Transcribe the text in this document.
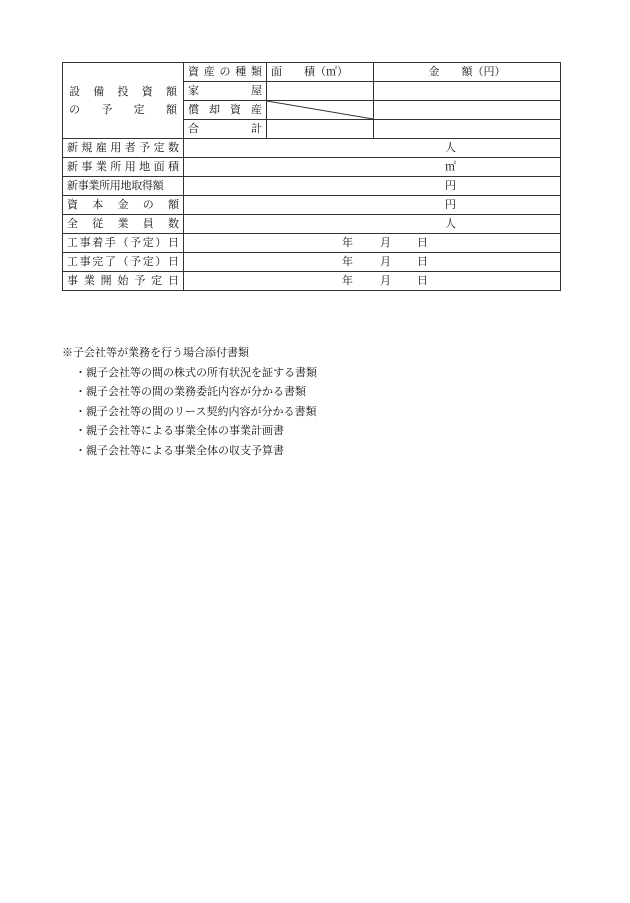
設 備 投 資 額
の 予 定 額	資産の種類	面　　積（㎡）	金　　額（円）
	家　　　屋		
	償 却 資 産	

	合　　　計		
新規雇用者予定数	人		
新事業所用地面積	㎡		
新事業所用地取得額	円		
資 本 金 の 額	円		
全 従 業 員 数	人		
工事着手（予定）日	年 月 日		

工事完了（予定）日	年 月 日		

事 業 開 始 予 定 日	年 月 日		
※子会社等が業務を行う場合添付書類
・親子会社等の間の株式の所有状況を証する書類
・親子会社等の間の業務委託内容が分かる書類
・親子会社等の間のリース契約内容が分かる書類
・親子会社等による事業全体の事業計画書
・親子会社等による事業全体の収支予算書
